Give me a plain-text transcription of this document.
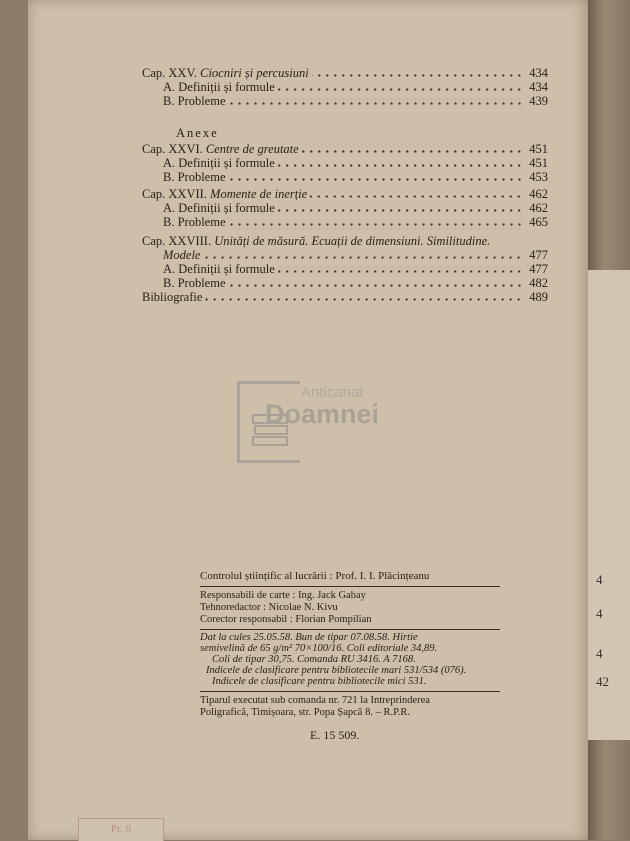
4
4
4
42
Cap. XXV. Ciocniri și percusiuni	434
A. Definiții și formule	434
B. Probleme	439
Cap. XXVI. Centre de greutate	451
A. Definiții și formule	451
B. Probleme	453
Cap. XXVII. Momente de inerție	462
A. Definiții și formule	462
B. Probleme	465
Cap. XXVIII. Unități de măsură. Ecuații de dimensiuni. Similitudine.
Modele	477
A. Definiții și formule	477
B. Probleme	482
Bibliografie	489
Anexe
Anticariat
Doamnei
Controlul științific al lucrării : Prof. I. I. Plăcințeanu
Responsabili de carte : Ing. Jack Gabay
Tehnoredactor : Nicolae N. Kivu
Corector responsabil : Florian Pompilian
Dat la cules 25.05.58. Bun de tipar 07.08.58. Hirtie
semivelină de 65 g/m² 70×100/16. Coli editoriale 34,89.
Coli de tipar 30,75. Comanda RU 3416. A 7168.
Indicele de clasificare pentru bibliotecile mari 531/534 (076).
Indicele de clasificare pentru bibliotecile mici 531.
Tiparul executat sub comanda nr. 721 la Intreprinderea
Poligrafică, Timișoara, str. Popa Șapcă 8. – R.P.R.
E. 15 509.
Pr. 6
